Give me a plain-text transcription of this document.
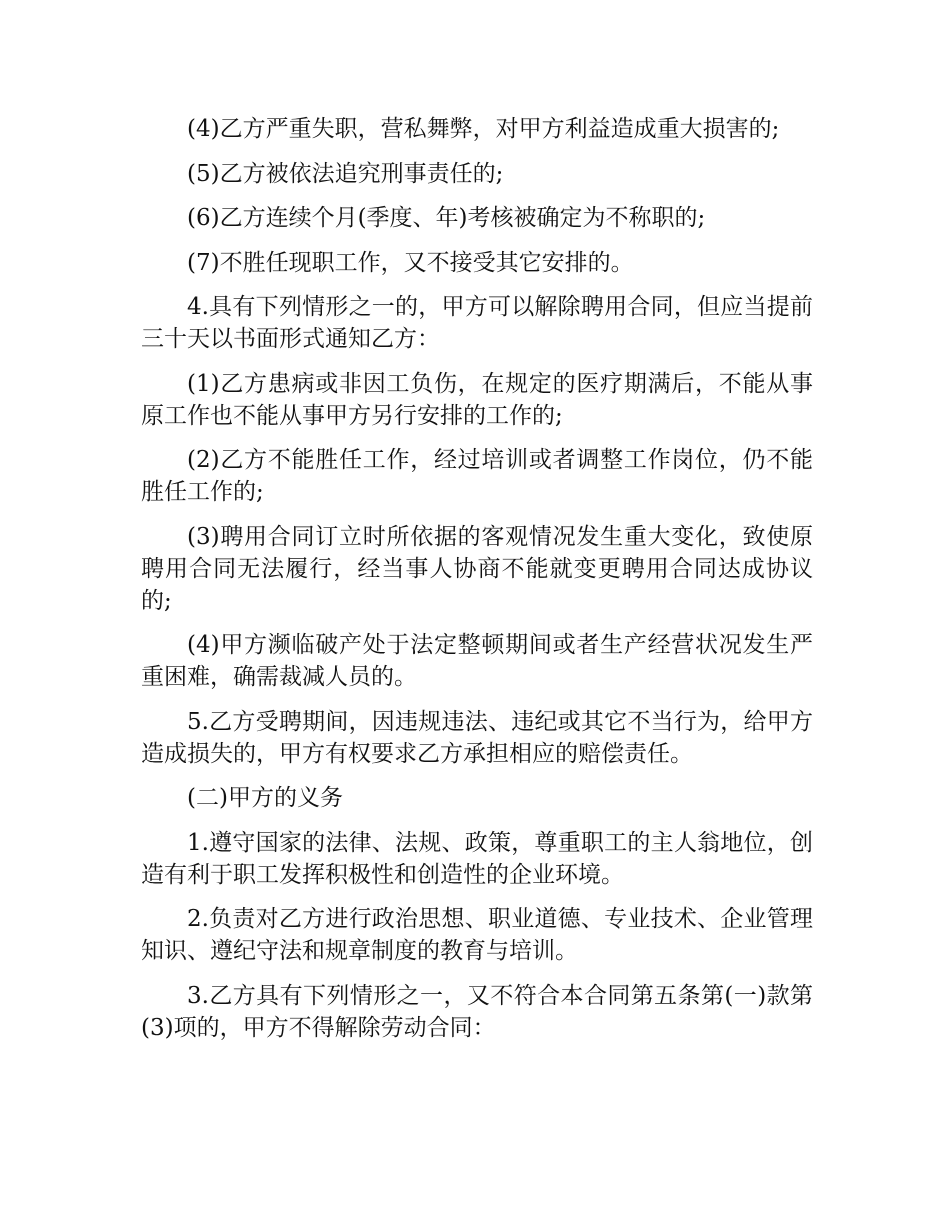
(4)乙方严重失职，营私舞弊，对甲方利益造成重大损害的;

(5)乙方被依法追究刑事责任的;

(6)乙方连续个月(季度、年)考核被确定为不称职的;

(7)不胜任现职工作，又不接受其它安排的。

4.具有下列情形之一的，甲方可以解除聘用合同，但应当提前三十天以书面形式通知乙方：

(1)乙方患病或非因工负伤，在规定的医疗期满后，不能从事原工作也不能从事甲方另行安排的工作的;

(2)乙方不能胜任工作，经过培训或者调整工作岗位，仍不能胜任工作的;

(3)聘用合同订立时所依据的客观情况发生重大变化，致使原聘用合同无法履行，经当事人协商不能就变更聘用合同达成协议的;

(4)甲方濒临破产处于法定整顿期间或者生产经营状况发生严重困难，确需裁减人员的。

5.乙方受聘期间，因违规违法、违纪或其它不当行为，给甲方造成损失的，甲方有权要求乙方承担相应的赔偿责任。

(二)甲方的义务

1.遵守国家的法律、法规、政策，尊重职工的主人翁地位，创造有利于职工发挥积极性和创造性的企业环境。

2.负责对乙方进行政治思想、职业道德、专业技术、企业管理知识、遵纪守法和规章制度的教育与培训。

3.乙方具有下列情形之一，又不符合本合同第五条第(一)款第(3)项的，甲方不得解除劳动合同：
